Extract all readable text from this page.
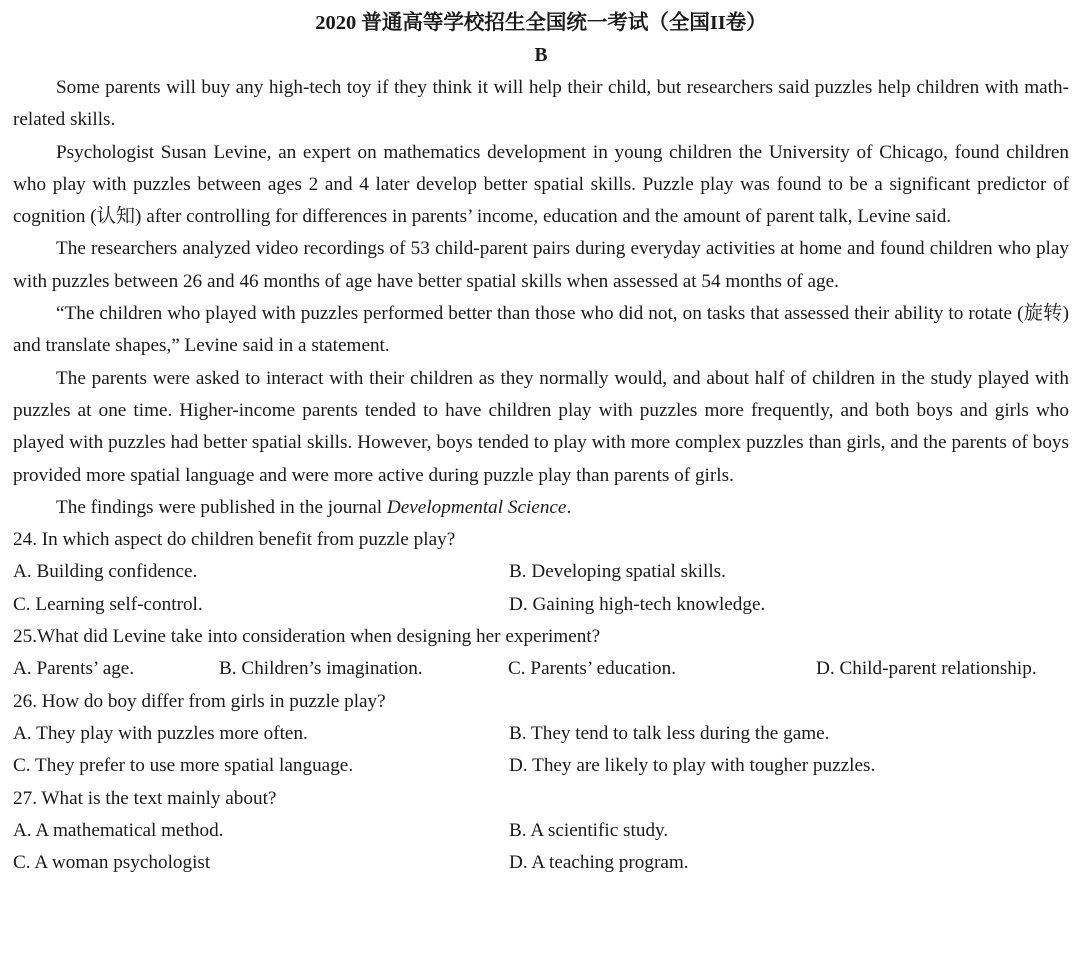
2020 普通高等学校招生全国统一考试（全国II卷）

B

Some parents will buy any high-tech toy if they think it will help their child, but researchers said puzzles help children with math-related skills.

Psychologist Susan Levine, an expert on mathematics development in young children the University of Chicago, found children who play with puzzles between ages 2 and 4 later develop better spatial skills. Puzzle play was found to be a significant predictor of cognition (认知) after controlling for differences in parents’ income, education and the amount of parent talk, Levine said.

The researchers analyzed video recordings of 53 child-parent pairs during everyday activities at home and found children who play with puzzles between 26 and 46 months of age have better spatial skills when assessed at 54 months of age.

“The children who played with puzzles performed better than those who did not, on tasks that assessed their ability to rotate (旋转) and translate shapes,” Levine said in a statement.

The parents were asked to interact with their children as they normally would, and about half of children in the study played with puzzles at one time. Higher-income parents tended to have children play with puzzles more frequently, and both boys and girls who played with puzzles had better spatial skills. However, boys tended to play with more complex puzzles than girls, and the parents of boys provided more spatial language and were more active during puzzle play than parents of girls.

The findings were published in the journal Developmental Science.

24. In which aspect do children benefit from puzzle play?

A. Building confidence.	B. Developing spatial skills.
C. Learning self-control.	D. Gaining high-tech knowledge.

25.What did Levine take into consideration when designing her experiment?

A. Parents’ age.	B. Children’s imagination.	C. Parents’ education.	D. Child-parent relationship.

26. How do boy differ from girls in puzzle play?

A. They play with puzzles more often.	B. They tend to talk less during the game.
C. They prefer to use more spatial language.	D. They are likely to play with tougher puzzles.

27. What is the text mainly about?

A. A mathematical method.	B. A scientific study.
C. A woman psychologist	D. A teaching program.
